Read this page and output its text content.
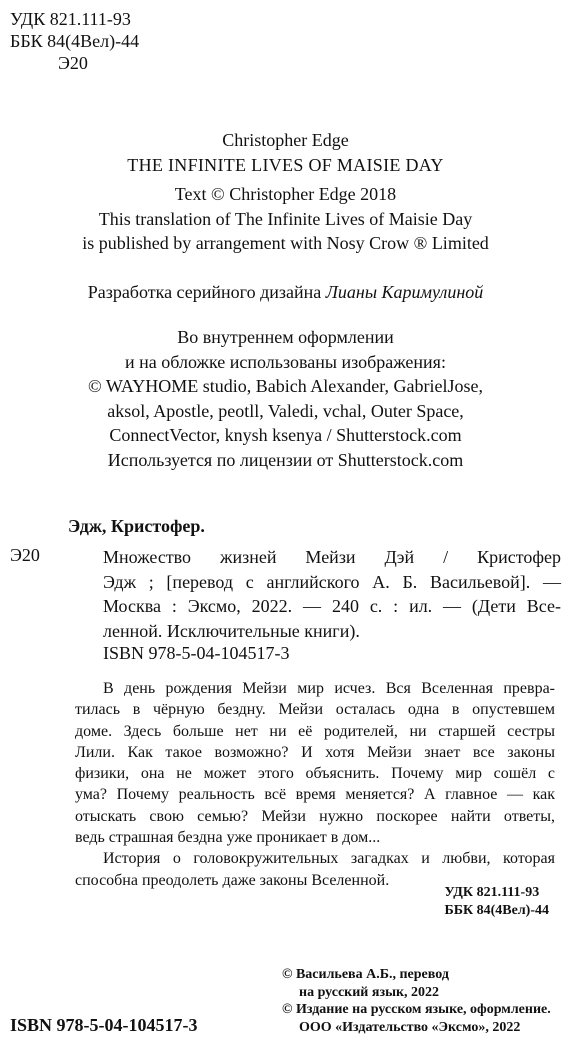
УДК 821.111-93
ББК 84(4Вел)-44
Э20
Christopher Edge
THE INFINITE LIVES OF MAISIE DAY
Text © Christopher Edge 2018
This translation of The Infinite Lives of Maisie Day
is published by arrangement with Nosy Crow ® Limited
Разработка серийного дизайна Лианы Каримулиной
Во внутреннем оформлении
и на обложке использованы изображения:
© WAYHOME studio, Babich Alexander, GabrielJose,
aksol, Apostle, peotll, Valedi, vchal, Outer Space,
ConnectVector, knysh ksenya / Shutterstock.com
Используется по лицензии от Shutterstock.com
Эдж, Кристофер.
Э20	Множество жизней Мейзи Дэй / Кристофер
Эдж ; [перевод с английского А. Б. Васильевой]. —
Москва : Эксмо, 2022. — 240 с. : ил. — (Дети Все-
ленной. Исключительные книги).
ISBN 978-5-04-104517-3
В день рождения Мейзи мир исчез. Вся Вселенная превра-
тилась в чёрную бездну. Мейзи осталась одна в опустевшем
доме. Здесь больше нет ни её родителей, ни старшей сестры
Лили. Как такое возможно? И хотя Мейзи знает все законы
физики, она не может этого объяснить. Почему мир сошёл с
ума? Почему реальность всё время меняется? А главное — как
отыскать свою семью? Мейзи нужно поскорее найти ответы,
ведь страшная бездна уже проникает в дом...
История о головокружительных загадках и любви, которая
способна преодолеть даже законы Вселенной.
УДК 821.111-93
ББК 84(4Вел)-44
© Васильева А.Б., перевод
на русский язык, 2022
© Издание на русском языке, оформление.
ООО «Издательство «Эксмо», 2022
ISBN 978-5-04-104517-3
